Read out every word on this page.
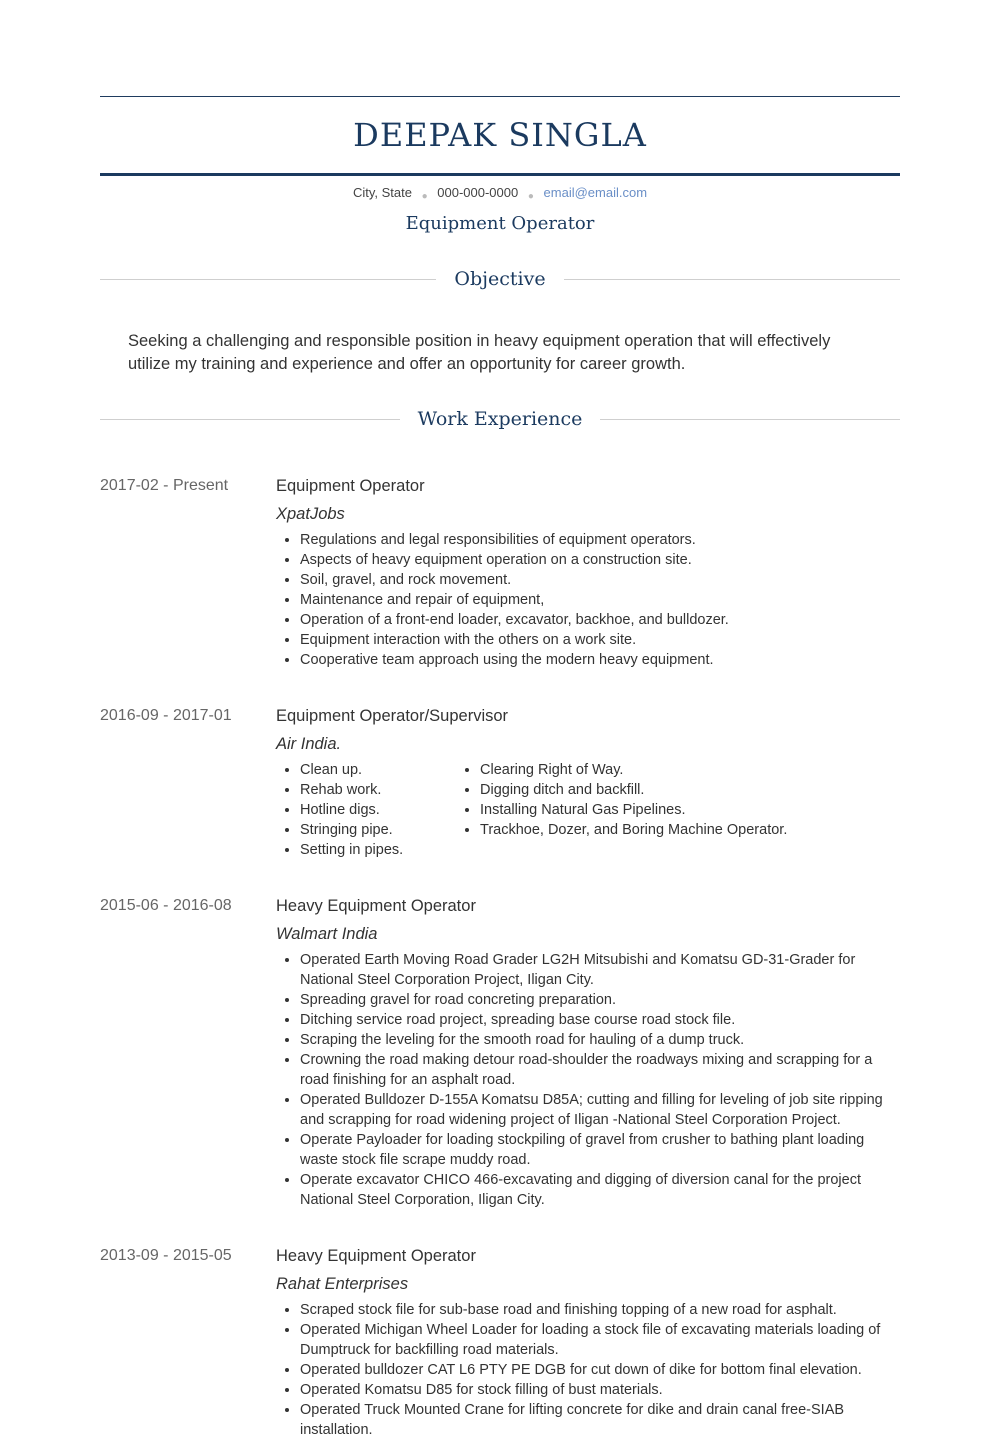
DEEPAK SINGLA
City, State ● 000-000-0000 ● email@email.com
Equipment Operator
Objective
Seeking a challenging and responsible position in heavy equipment operation that will effectively utilize my training and experience and offer an opportunity for career growth.
Work Experience
2017-02 - Present	Equipment Operator
XpatJobs
• Regulations and legal responsibilities of equipment operators.
• Aspects of heavy equipment operation on a construction site.
• Soil, gravel, and rock movement.
• Maintenance and repair of equipment,
• Operation of a front-end loader, excavator, backhoe, and bulldozer.
• Equipment interaction with the others on a work site.
• Cooperative team approach using the modern heavy equipment.
2016-09 - 2017-01	Equipment Operator/Supervisor
Air India.
• Clean up.
• Rehab work.
• Hotline digs.
• Stringing pipe.
• Setting in pipes.
• Clearing Right of Way.
• Digging ditch and backfill.
• Installing Natural Gas Pipelines.
• Trackhoe, Dozer, and Boring Machine Operator.
2015-06 - 2016-08	Heavy Equipment Operator
Walmart India
• Operated Earth Moving Road Grader LG2H Mitsubishi and Komatsu GD-31-Grader for National Steel Corporation Project, Iligan City.
• Spreading gravel for road concreting preparation.
• Ditching service road project, spreading base course road stock file.
• Scraping the leveling for the smooth road for hauling of a dump truck.
• Crowning the road making detour road-shoulder the roadways mixing and scrapping for a road finishing for an asphalt road.
• Operated Bulldozer D-155A Komatsu D85A; cutting and filling for leveling of job site ripping and scrapping for road widening project of Iligan -National Steel Corporation Project.
• Operate Payloader for loading stockpiling of gravel from crusher to bathing plant loading waste stock file scrape muddy road.
• Operate excavator CHICO 466-excavating and digging of diversion canal for the project National Steel Corporation, Iligan City.
2013-09 - 2015-05	Heavy Equipment Operator
Rahat Enterprises
• Scraped stock file for sub-base road and finishing topping of a new road for asphalt.
• Operated Michigan Wheel Loader for loading a stock file of excavating materials loading of Dumptruck for backfilling road materials.
• Operated bulldozer CAT L6 PTY PE DGB for cut down of dike for bottom final elevation.
• Operated Komatsu D85 for stock filling of bust materials.
• Operated Truck Mounted Crane for lifting concrete for dike and drain canal free-SIAB installation.
